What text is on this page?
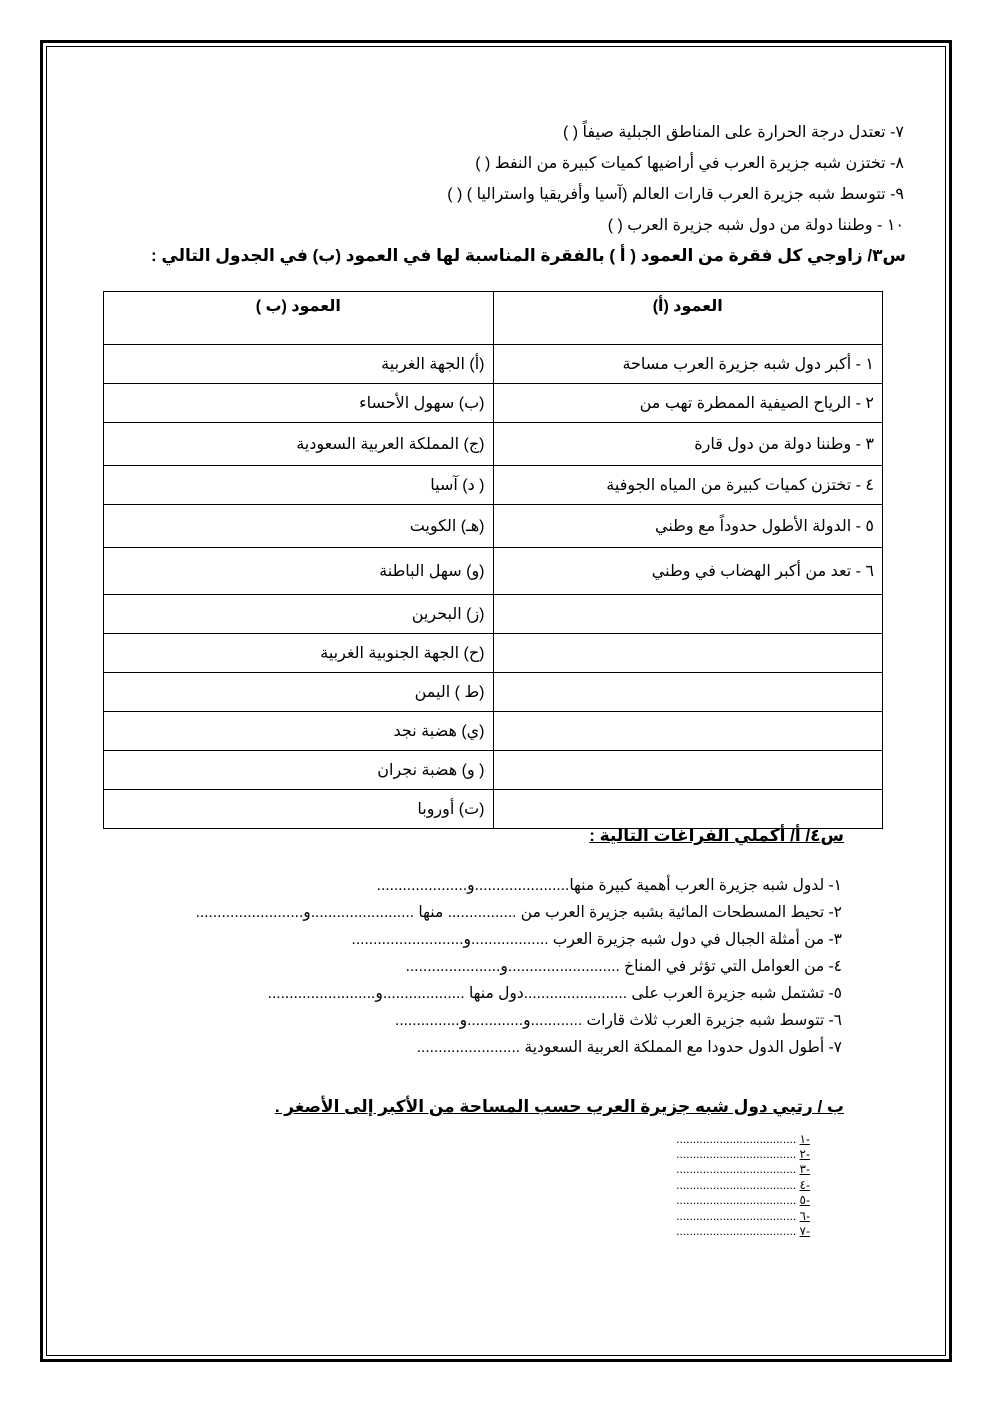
٧- تعتدل درجة الحرارة على المناطق الجبلية صيفاً ( )
٨- تختزن شبه جزيرة العرب في أراضيها كميات كبيرة من النفط ( )
٩- تتوسط شبه جزيرة العرب قارات العالم (آسيا وأفريقيا واستراليا ) ( )
١٠ - وطننا دولة من دول شبه جزيرة العرب ( )
س٣/ زاوجي كل فقرة من العمود ( أ ) بالفقرة المناسبة لها في العمود (ب) في الجدول التالي :
العمود (أ)	العمود (ب )
١ - أكبر دول شبه جزيرة العرب مساحة	(أ) الجهة الغربية
٢ - الرياح الصيفية الممطرة تهب من	(ب) سهول الأحساء
٣ - وطننا دولة من دول قارة	(ج) المملكة العربية السعودية
٤ - تختزن كميات كبيرة من المياه الجوفية	( د) آسيا
٥ - الدولة الأطول حدوداً مع وطني	(هـ) الكويت
٦ - تعد من أكبر الهضاب في وطني	(و) سهل الباطنة
	(ز) البحرين
	(ح) الجهة الجنوبية الغربية
	(ط ) اليمن
	(ي) هضبة نجد
	( و) هضبة نجران
	(ت) أوروبا
س٤/ أ/ أكملي الفراغات التالية :
١- لدول شبه جزيرة العرب أهمية كبيرة منها......................و.....................
٢- تحيط المسطحات المائية بشبه جزيرة العرب من ................ منها ........................و.........................
٣- من أمثلة الجبال في دول شبه جزيرة العرب ..................و..........................
٤- من العوامل التي تؤثر في المناخ ..........................و......................
٥- تشتمل شبه جزيرة العرب على ........................دول منها ...................و.........................
٦- تتوسط شبه جزيرة العرب ثلاث قارات ............و.............و...............
٧- أطول الدول حدودا مع المملكة العربية السعودية ........................
ب / رتبي دول شبه جزيرة العرب حسب المساحة من الأكبر إلى الأصغر .
-١ ....................................
-٢ ....................................
-٣ ....................................
-٤ ....................................
-٥ ....................................
-٦ ....................................
-٧ ....................................
